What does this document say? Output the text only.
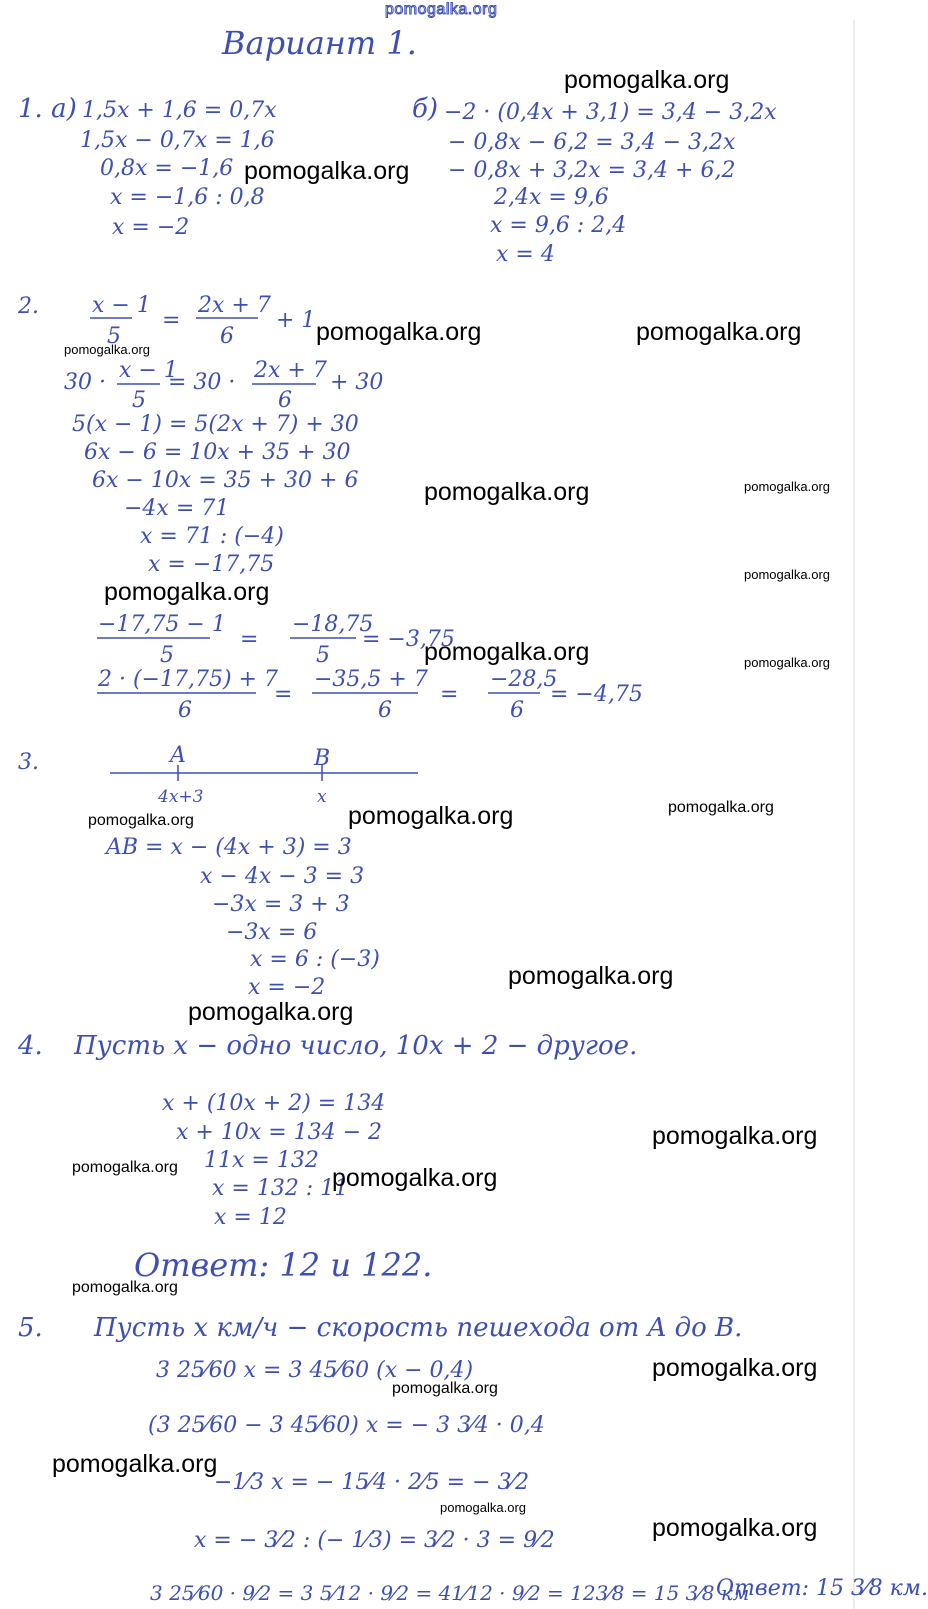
pomogalka.org
Вариант 1.
1. а) 1,5x + 1,6 = 0,7x
1,5x − 0,7x = 1,6
0,8x = −1,6
x = −1,6 : 0,8
x = −2
б) −2 · (0,4x + 3,1) = 3,4 − 3,2x
− 0,8x − 6,2 = 3,4 − 3,2x
− 0,8x + 3,2x = 3,4 + 6,2
2,4x = 9,6
x = 9,6 : 2,4
x = 4
2. x − 1
5
=
2x + 7
6
+ 1
30 · x − 1
5
= 30 · 2x + 7
6
+ 30
5(x − 1) = 5(2x + 7) + 30
6x − 6 = 10x + 35 + 30
6x − 10x = 35 + 30 + 6
−4x = 71
x = 71 : (−4)
x = −17,75
−17,75 − 1
5
=
−18,75
5
= −3,75
2 · (−17,75) + 7
6
=
−35,5 + 7
6
=
−28,5
6
= −4,75
3.	A	B
4x+3	x
AB = x − (4x + 3) = 3
x − 4x − 3 = 3
−3x = 3 + 3
−3x = 6
x = 6 : (−3)
x = −2
4. Пусть x − одно число, 10x + 2 − другое.
x + (10x + 2) = 134
x + 10x = 134 − 2
11x = 132
x = 132 : 11
x = 12
Ответ: 12 и 122.
5. Пусть x км/ч − скорость пешехода от A до B.
3 25⁄60 x = 3 45⁄60 (x − 0,4)
(3 25⁄60 − 3 45⁄60) x = − 3 3⁄4 · 0,4
−1⁄3 x = − 15⁄4 · 2⁄5 = − 3⁄2
x = − 3⁄2 : (− 1⁄3) = 3⁄2 · 3 = 9⁄2
3 25⁄60 · 9⁄2 = 3 5⁄12 · 9⁄2 = 41⁄12 · 9⁄2 = 123⁄8 = 15 3⁄8 км
Ответ: 15 3⁄8 км.
pomogalka.org
pomogalka.org
pomogalka.org	pomogalka.org
pomogalka.org
pomogalka.org	pomogalka.org
pomogalka.org
pomogalka.org
pomogalka.org	pomogalka.org
pomogalka.org
pomogalka.org
pomogalka.org
pomogalka.org
pomogalka.org
pomogalka.org
pomogalka.org	pomogalka.org
pomogalka.org
pomogalka.org
pomogalka.org
pomogalka.org
pomogalka.org
pomogalka.org
